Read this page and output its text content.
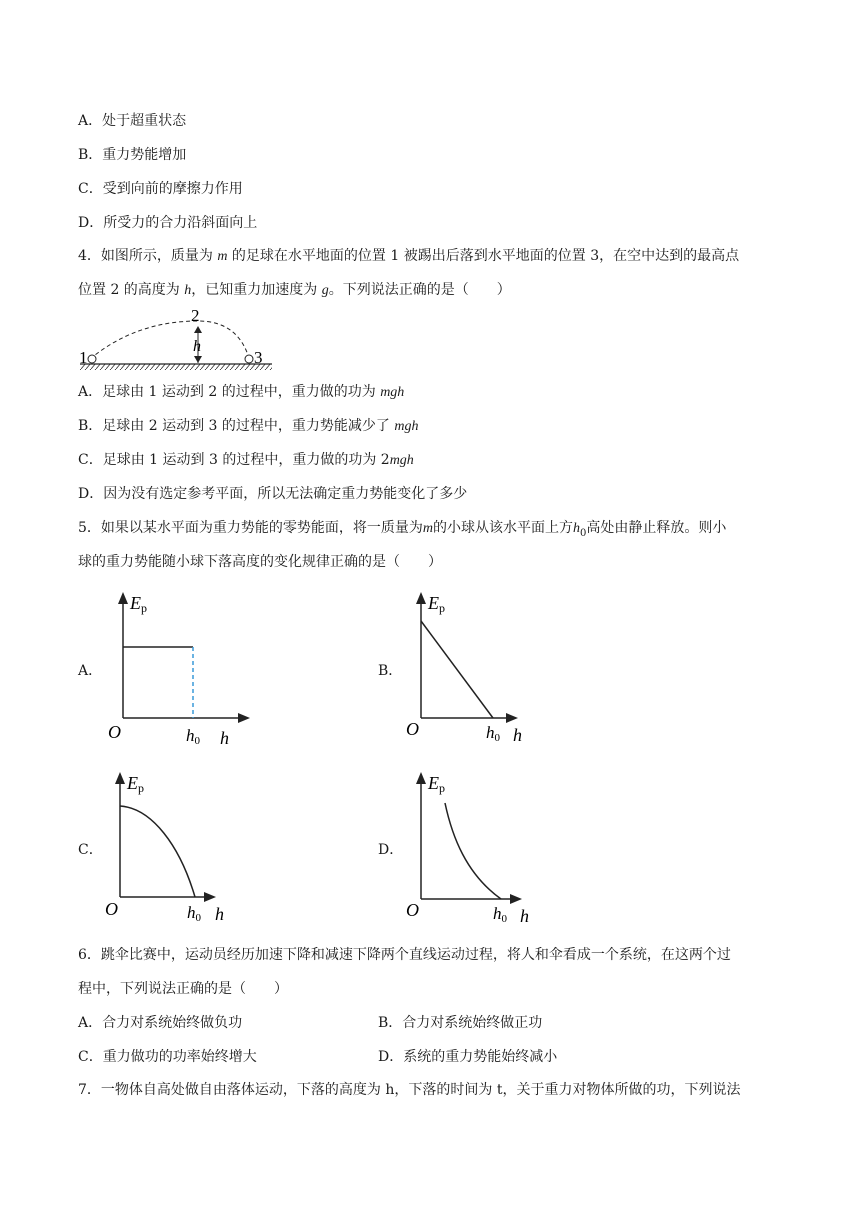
A．处于超重状态
B．重力势能增加
C．受到向前的摩擦力作用
D．所受力的合力沿斜面向上
4．如图所示，质量为 m 的足球在水平地面的位置 1 被踢出后落到水平地面的位置 3，在空中达到的最高点
位置 2 的高度为 h，已知重力加速度为 g。下列说法正确的是（　　）
1
2
3
h
A．足球由 1 运动到 2 的过程中，重力做的功为 mgh
B．足球由 2 运动到 3 的过程中，重力势能减少了 mgh
C．足球由 1 运动到 3 的过程中，重力做的功为 2mgh
D．因为没有选定参考平面，所以无法确定重力势能变化了多少
5．如果以某水平面为重力势能的零势能面，将一质量为m的小球从该水平面上方$h_0$高处由静止释放。则小
球的重力势能随小球下落高度的变化规律正确的是（　　）
A．	B．
C．	D．
Ep
O	h0 h
Ep
O	h0 h
Ep
O	h0 h
Ep
O	h0 h
6．跳伞比赛中，运动员经历加速下降和减速下降两个直线运动过程，将人和伞看成一个系统，在这两个过
程中，下列说法正确的是（　　）
A．合力对系统始终做负功	B．合力对系统始终做正功
C．重力做功的功率始终增大	D．系统的重力势能始终减小
7．一物体自高处做自由落体运动，下落的高度为 h，下落的时间为 t，关于重力对物体所做的功，下列说法
